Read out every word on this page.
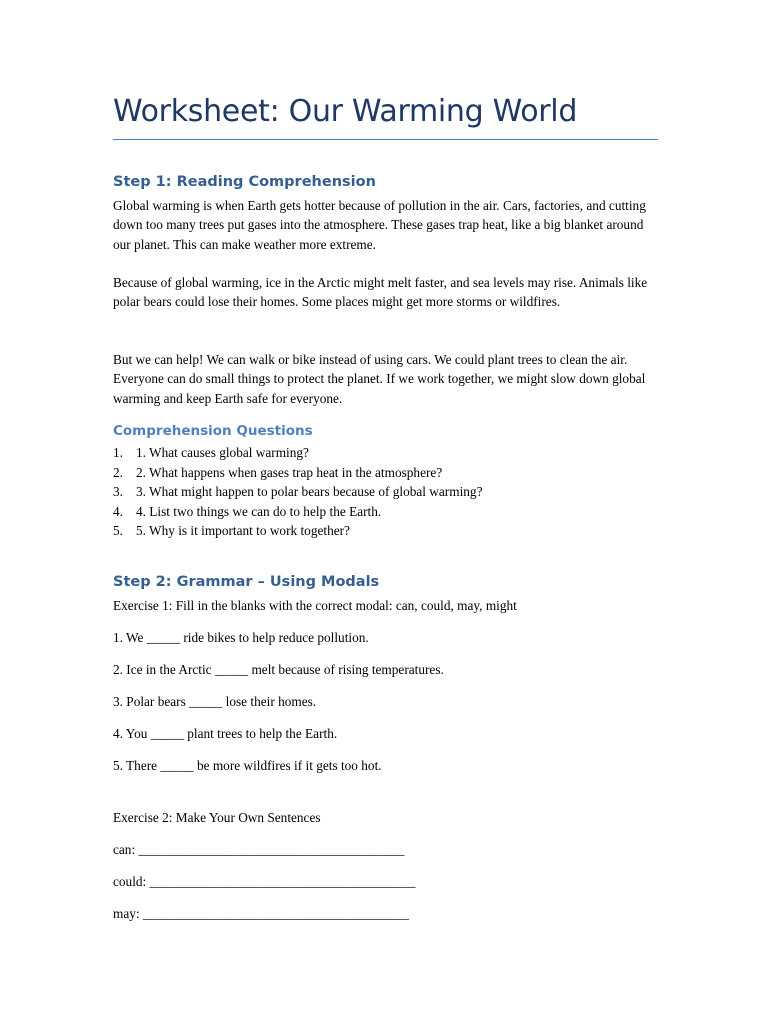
Worksheet: Our Warming World
Step 1: Reading Comprehension

Global warming is when Earth gets hotter because of pollution in the air. Cars, factories, and cutting down too many trees put gases into the atmosphere. These gases trap heat, like a big blanket around our planet. This can make weather more extreme.

Because of global warming, ice in the Arctic might melt faster, and sea levels may rise. Animals like polar bears could lose their homes. Some places might get more storms or wildfires.

But we can help! We can walk or bike instead of using cars. We could plant trees to clean the air. Everyone can do small things to protect the planet. If we work together, we might slow down global warming and keep Earth safe for everyone.

Comprehension Questions
1. 1. What causes global warming?
2. 2. What happens when gases trap heat in the atmosphere?
3. 3. What might happen to polar bears because of global warming?
4. 4. List two things we can do to help the Earth.
5. 5. Why is it important to work together?
Step 2: Grammar – Using Modals

Exercise 1: Fill in the blanks with the correct modal: can, could, may, might

1. We _____ ride bikes to help reduce pollution.

2. Ice in the Arctic _____ melt because of rising temperatures.

3. Polar bears _____ lose their homes.

4. You _____ plant trees to help the Earth.

5. There _____ be more wildfires if it gets too hot.

Exercise 2: Make Your Own Sentences

can: ________________________________________

could: ________________________________________

may: ________________________________________
